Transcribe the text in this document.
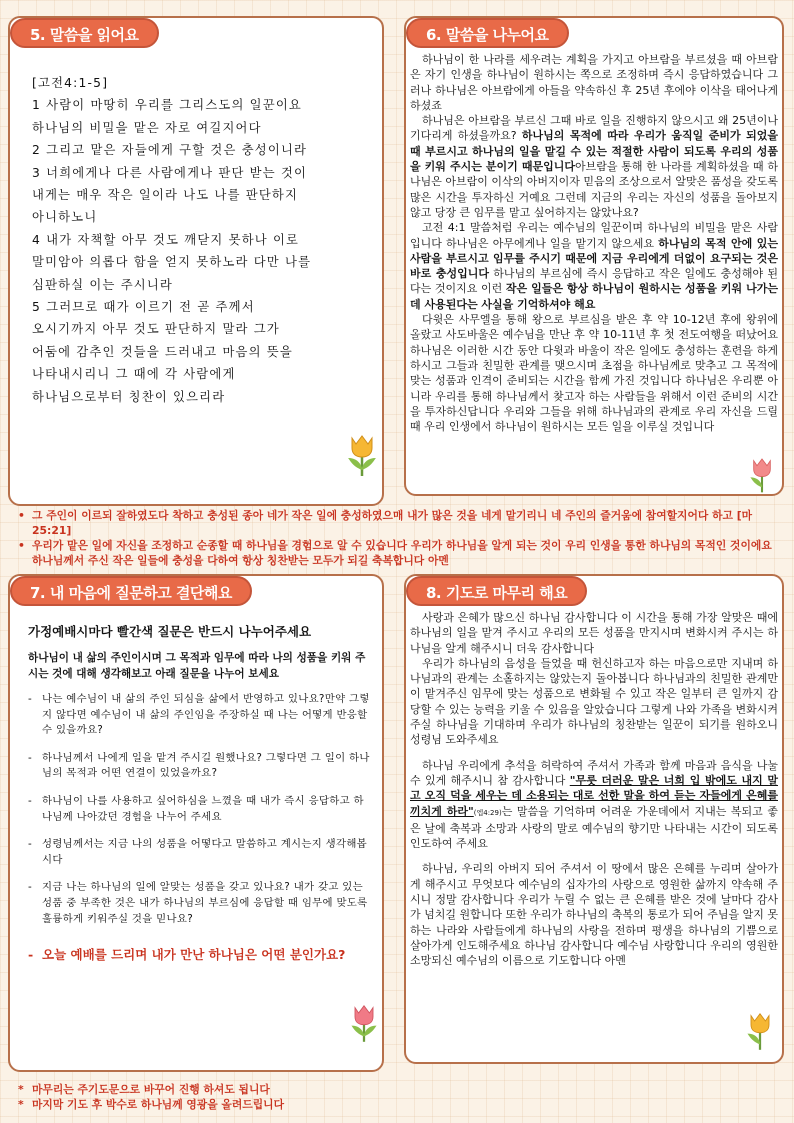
[고전4:1-5]

1 사람이 마땅히 우리를 그리스도의 일꾼이요

하나님의 비밀을 맡은 자로 여길지어다

2 그리고 맡은 자들에게 구할 것은 충성이니라

3 너희에게나 다른 사람에게나 판단 받는 것이

내게는 매우 작은 일이라 나도 나를 판단하지

아니하노니

4 내가 자책할 아무 것도 깨닫지 못하나 이로

말미암아 의롭다 함을 얻지 못하노라 다만 나를

심판하실 이는 주시니라

5 그러므로 때가 이르기 전 곧 주께서

오시기까지 아무 것도 판단하지 말라 그가

어둠에 감추인 것들을 드러내고 마음의 뜻을

나타내시리니 그 때에 각 사람에게

하나님으로부터 칭찬이 있으리라

5. 말씀을 읽어요

하나님이 한 나라를 세우려는 계획을 가지고 아브람을 부르셨을 때 아브람은 자기 인생을 하나님이 원하시는 쪽으로 조정하며 즉시 응답하였습니다 그러나 하나님은 아브람에게 아들을 약속하신 후 25년 후에야 이삭을 태어나게 하셨죠

하나님은 아브람을 부르신 그때 바로 일을 진행하지 않으시고 왜 25년이나 기다리게 하셨을까요? 하나님의 목적에 따라 우리가 움직일 준비가 되었을 때 부르시고 하나님의 일을 맡길 수 있는 적절한 사람이 되도록 우리의 성품을 키워 주시는 분이기 때문입니다아브람을 통해 한 나라를 계획하셨을 때 하나님은 아브람이 이삭의 아버지이자 믿음의 조상으로서 알맞은 품성을 갖도록 많은 시간을 투자하신 거예요 그런데 지금의 우리는 자신의 성품을 돌아보지 않고 당장 큰 임무를 맡고 싶어하지는 않았나요?

고전 4:1 말씀처럼 우리는 예수님의 일꾼이며 하나님의 비밀을 맡은 사람입니다 하나님은 아무에게나 일을 맡기지 않으세요 하나님의 목적 안에 있는 사람을 부르시고 임무를 주시기 때문에 지금 우리에게 더없이 요구되는 것은 바로 충성입니다 하나님의 부르심에 즉시 응답하고 작은 일에도 충성해야 된다는 것이지요 이런 작은 일들은 항상 하나님이 원하시는 성품을 키워 나가는데 사용된다는 사실을 기억하셔야 해요

다윗은 사무엘을 통해 왕으로 부르심을 받은 후 약 10-12년 후에 왕위에 올랐고 사도바울은 예수님을 만난 후 약 10-11년 후 첫 전도여행을 떠났어요 하나님은 이러한 시간 동안 다윗과 바울이 작은 일에도 충성하는 훈련을 하게 하시고 그들과 친밀한 관계를 맺으시며 초점을 하나님께로 맞추고 그 목적에 맞는 성품과 인격이 준비되는 시간을 함께 가진 것입니다 하나님은 우리뿐 아니라 우리를 통해 하나님께서 찾고자 하는 사람들을 위해서 이런 준비의 시간을 투자하신답니다 우리와 그들을 위해 하나님과의 관계로 우리 자신을 드릴 때 우리 인생에서 하나님이 원하시는 모든 일을 이루실 것입니다

6. 말씀을 나누어요
• 그 주인이 이르되 잘하였도다 착하고 충성된 종아 네가 작은 일에 충성하였으매 내가 많은 것을 네게 맡기리니 네 주인의 즐거움에 참여할지어다 하고 [마25:21]
• 우리가 맡은 일에 자신을 조정하고 순종할 때 하나님을 경험으로 알 수 있습니다 우리가 하나님을 알게 되는 것이 우리 인생을 통한 하나님의 목적인 것이에요 하나님께서 주신 작은 일들에 충성을 다하여 항상 칭찬받는 모두가 되길 축복합니다 아멘
가정예배시마다 빨간색 질문은 반드시 나누어주세요
하나님이 내 삶의 주인이시며 그 목적과 임무에 따라 나의 성품을 키워 주시는 것에 대해 생각해보고 아래 질문을 나누어 보세요
- 나는 예수님이 내 삶의 주인 되심을 삶에서 반영하고 있나요?만약 그렇지 않다면 예수님이 내 삶의 주인임을 주장하실 때 나는 어떻게 반응할 수 있을까요?
- 하나님께서 나에게 일을 맡겨 주시길 원했나요? 그렇다면 그 일이 하나님의 목적과 어떤 연결이 있었을까요?
- 하나님이 나를 사용하고 싶어하심을 느꼈을 때 내가 즉시 응답하고 하나님께 나아갔던 경험을 나누어 주세요
- 성령님께서는 지금 나의 성품을 어떻다고 말씀하고 계시는지 생각해봅시다
- 지금 나는 하나님의 일에 알맞는 성품을 갖고 있나요? 내가 갖고 있는 성품 중 부족한 것은 내가 하나님의 부르심에 응답할 때 임무에 맞도록 훌륭하게 키워주실 것을 믿나요?
- 오늘 예배를 드리며 내가 만난 하나님은 어떤 분인가요?
7. 내 마음에 질문하고 결단해요

사랑과 은혜가 많으신 하나님 감사합니다 이 시간을 통해 가장 알맞은 때에 하나님의 일을 맡겨 주시고 우리의 모든 성품을 만지시며 변화시켜 주시는 하나님을 알게 해주시니 더욱 감사합니다

우리가 하나님의 음성을 들었을 때 헌신하고자 하는 마음으로만 지내며 하나님과의 관계는 소홀하지는 않았는지 돌아봅니다 하나님과의 친밀한 관계만이 맡겨주신 임무에 맞는 성품으로 변화될 수 있고 작은 일부터 큰 일까지 감당할 수 있는 능력을 키울 수 있음을 알았습니다 그렇게 나와 가족을 변화시켜 주실 하나님을 기대하며 우리가 하나님의 칭찬받는 일꾼이 되기를 원하오니 성령님 도와주세요

하나님 우리에게 추석을 허락하여 주셔서 가족과 함께 마음과 음식을 나눌 수 있게 해주시니 참 감사합니다 "무릇 더러운 말은 너희 입 밖에도 내지 말고 오직 덕을 세우는 데 소용되는 대로 선한 말을 하여 듣는 자들에게 은혜를 끼치게 하라"(엡4:29)는 말씀을 기억하며 어려운 가운데에서 지내는 복되고 좋은 날에 축복과 소망과 사랑의 말로 예수님의 향기만 나타내는 시간이 되도록 인도하여 주세요

하나님, 우리의 아버지 되어 주셔서 이 땅에서 많은 은혜를 누리며 살아가게 해주시고 무엇보다 예수님의 십자가의 사랑으로 영원한 삶까지 약속해 주시니 정말 감사합니다 우리가 누릴 수 없는 큰 은혜를 받은 것에 날마다 감사가 넘치길 원합니다 또한 우리가 하나님의 축복의 통로가 되어 주님을 알지 못하는 나라와 사람들에게 하나님의 사랑을 전하며 평생을 하나님의 기쁨으로 살아가게 인도해주세요 하나님 감사합니다 예수님 사랑합니다 우리의 영원한 소망되신 예수님의 이름으로 기도합니다 아멘

8. 기도로 마무리 해요
* 마무리는 주기도문으로 바꾸어 진행 하셔도 됩니다
* 마지막 기도 후 박수로 하나님께 영광을 올려드립니다
